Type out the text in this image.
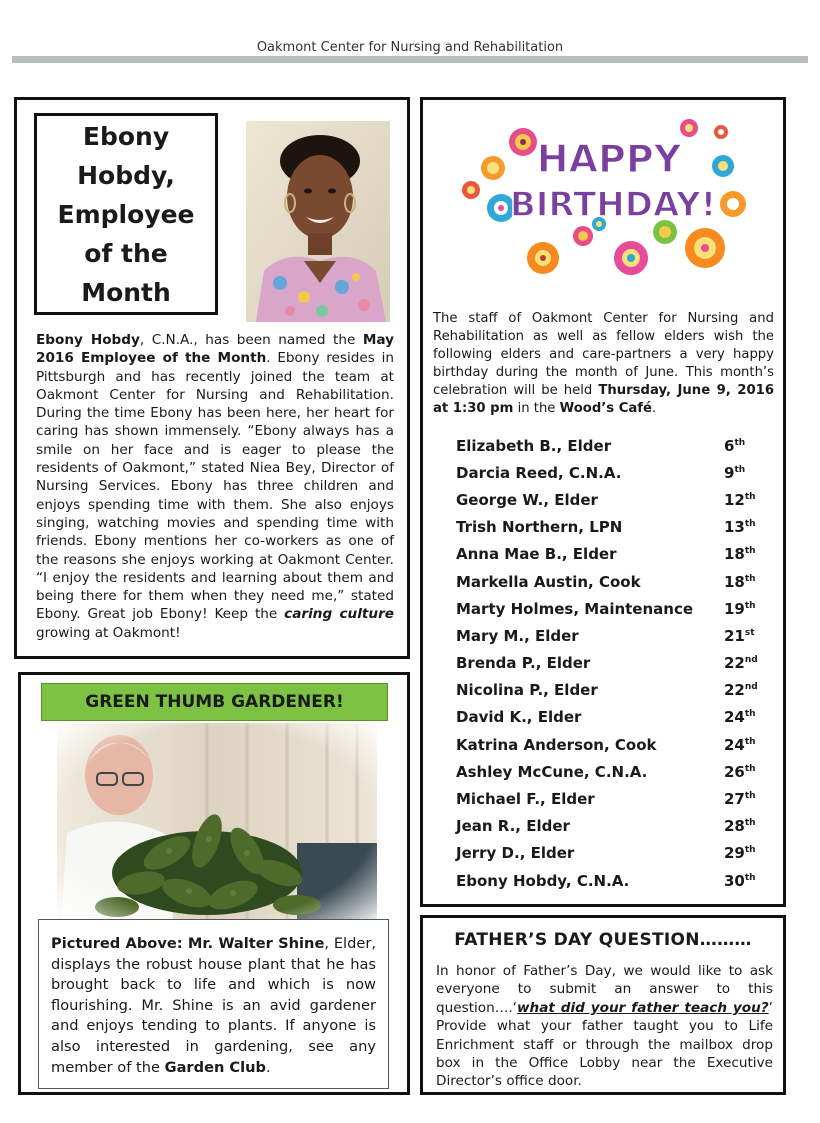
Oakmont Center for Nursing and Rehabilitation
Ebony Hobdy, Employee of the Month
Ebony Hobdy, C.N.A., has been named the May 2016 Employee of the Month. Ebony resides in Pittsburgh and has recently joined the team at Oakmont Center for Nursing and Rehabilitation. During the time Ebony has been here, her heart for caring has shown immensely. “Ebony always has a smile on her face and is eager to please the residents of Oakmont,” stated Niea Bey, Director of Nursing Services. Ebony has three children and enjoys spending time with them. She also enjoys singing, watching movies and spending time with friends. Ebony mentions her co-workers as one of the reasons she enjoys working at Oakmont Center. “I enjoy the residents and learning about them and being there for them when they need me,” stated Ebony. Great job Ebony! Keep the caring culture growing at Oakmont!
HAPPY
BIRTHDAY!
The staff of Oakmont Center for Nursing and Rehabilitation as well as fellow elders wish the following elders and care-partners a very happy birthday during the month of June. This month’s celebration will be held Thursday, June 9, 2016 at 1:30 pm in the Wood’s Café.
Elizabeth B., Elder	6th
Darcia Reed, C.N.A.	9th
George W., Elder	12th
Trish Northern, LPN	13th
Anna Mae B., Elder	18th
Markella Austin, Cook	18th
Marty Holmes, Maintenance	19th
Mary M., Elder	21st
Brenda P., Elder	22nd
Nicolina P., Elder	22nd
David K., Elder	24th
Katrina Anderson, Cook	24th
Ashley McCune, C.N.A.	26th
Michael F., Elder	27th
Jean R., Elder	28th
Jerry D., Elder	29th
Ebony Hobdy, C.N.A.	30th
GREEN THUMB GARDENER!
Pictured Above: Mr. Walter Shine, Elder, displays the robust house plant that he has brought back to life and which is now flourishing. Mr. Shine is an avid gardener and enjoys tending to plants. If anyone is also interested in gardening, see any member of the Garden Club.
FATHER’S DAY QUESTION………
In honor of Father’s Day, we would like to ask everyone to submit an answer to this question….‘what did your father teach you?’ Provide what your father taught you to Life Enrichment staff or through the mailbox drop box in the Office Lobby near the Executive Director’s office door.
